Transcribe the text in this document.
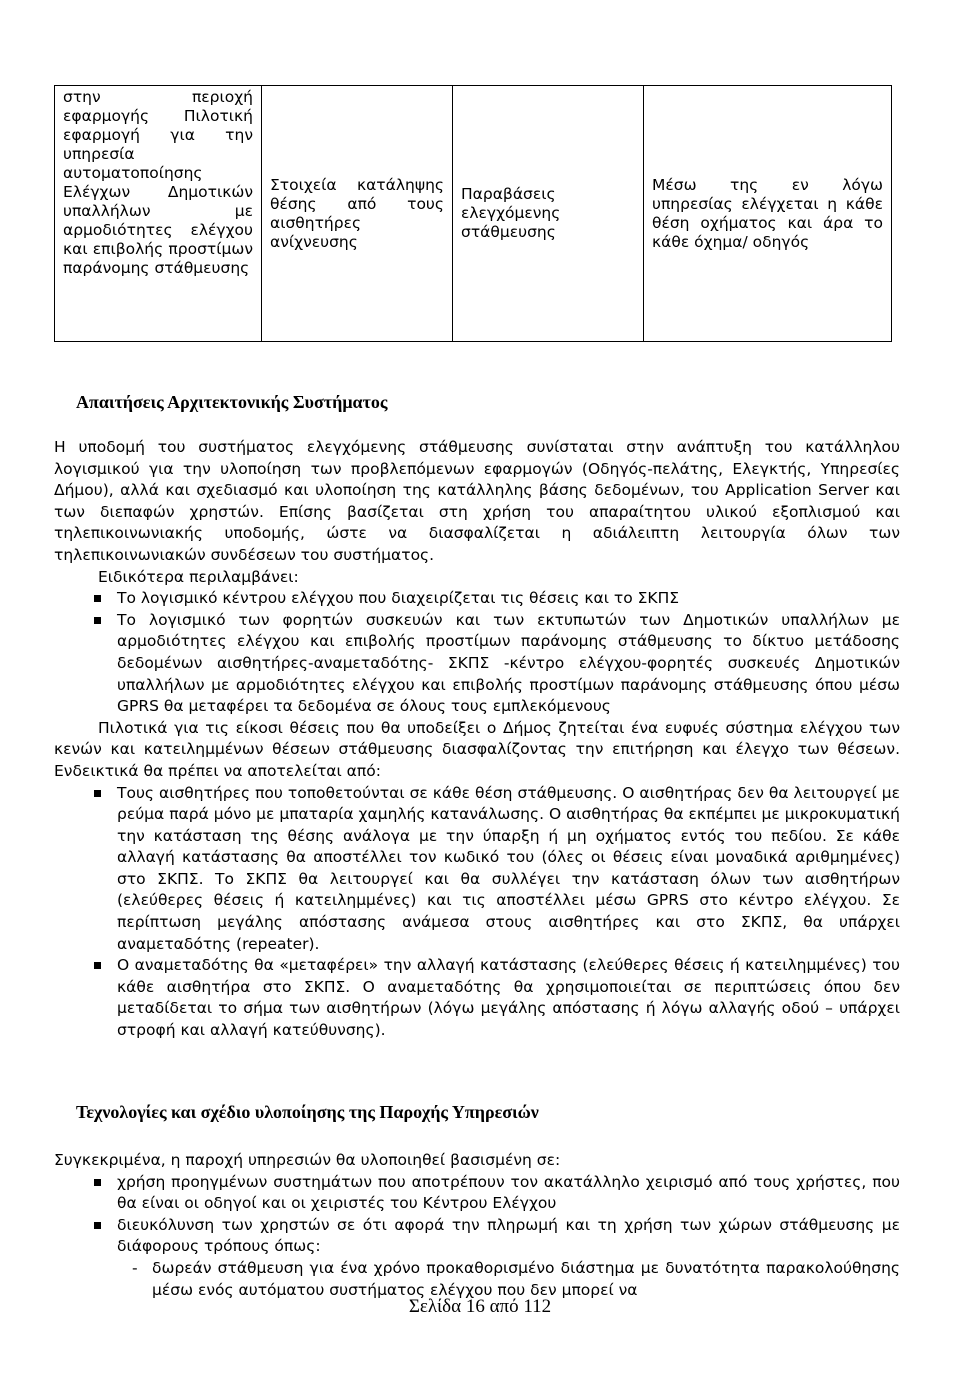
στην περιοχή εφαρμογής Πιλοτική εφαρμογή για την υπηρεσία αυτοματοποίησης Ελέγχων Δημοτικών υπαλλήλων με αρμοδιότητες ελέγχου και επιβολής προστίμων παράνομης στάθμευσης	Στοιχεία κατάληψης θέσης από τους αισθητήρες ανίχνευσης	Παραβάσεις ελεγχόμενης στάθμευσης	Μέσω της εν λόγω υπηρεσίας ελέγχεται η κάθε θέση οχήματος και άρα το κάθε όχημα/ οδηγός
Απαιτήσεις Αρχιτεκτονικής Συστήματος

Η υποδομή του συστήματος ελεγχόμενης στάθμευσης συνίσταται στην ανάπτυξη του κατάλληλου λογισμικού για την υλοποίηση των προβλεπόμενων εφαρμογών (Οδηγός-πελάτης, Ελεγκτής, Υπηρεσίες Δήμου), αλλά και σχεδιασμό και υλοποίηση της κατάλληλης βάσης δεδομένων, του Application Server και των διεπαφών χρηστών. Επίσης βασίζεται στη χρήση του απαραίτητου υλικού εξοπλισμού και τηλεπικοινωνιακής υποδομής, ώστε να διασφαλίζεται η αδιάλειπτη λειτουργία όλων των τηλεπικοινωνιακών συνδέσεων του συστήματος.

Ειδικότερα περιλαμβάνει:

Το λογισμικό κέντρου ελέγχου που διαχειρίζεται τις θέσεις και το ΣΚΠΣ
Το λογισμικό των φορητών συσκευών και των εκτυπωτών των Δημοτικών υπαλλήλων με αρμοδιότητες ελέγχου και επιβολής προστίμων παράνομης στάθμευσης το δίκτυο μετάδοσης δεδομένων αισθητήρες-αναμεταδότης- ΣΚΠΣ -κέντρο ελέγχου-φορητές συσκευές Δημοτικών υπαλλήλων με αρμοδιότητες ελέγχου και επιβολής προστίμων παράνομης στάθμευσης όπου μέσω GPRS θα μεταφέρει τα δεδομένα σε όλους τους εμπλεκόμενους

Πιλοτικά για τις είκοσι θέσεις που θα υποδείξει ο Δήμος ζητείται ένα ευφυές σύστημα ελέγχου των κενών και κατειλημμένων θέσεων στάθμευσης διασφαλίζοντας την επιτήρηση και έλεγχο των θέσεων. Ενδεικτικά θα πρέπει να αποτελείται από:

Τους αισθητήρες που τοποθετούνται σε κάθε θέση στάθμευσης. Ο αισθητήρας δεν θα λειτουργεί με ρεύμα παρά μόνο με μπαταρία χαμηλής κατανάλωσης. Ο αισθητήρας θα εκπέμπει με μικροκυματική την κατάσταση της θέσης ανάλογα με την ύπαρξη ή μη οχήματος εντός του πεδίου. Σε κάθε αλλαγή κατάστασης θα αποστέλλει τον κωδικό του (όλες οι θέσεις είναι μοναδικά αριθμημένες) στο ΣΚΠΣ. Το ΣΚΠΣ θα λειτουργεί και θα συλλέγει την κατάσταση όλων των αισθητήρων (ελεύθερες θέσεις ή κατειλημμένες) και τις αποστέλλει μέσω GPRS στο κέντρο ελέγχου. Σε περίπτωση μεγάλης απόστασης ανάμεσα στους αισθητήρες και στο ΣΚΠΣ, θα υπάρχει αναμεταδότης (repeater).
Ο αναμεταδότης θα «μεταφέρει» την αλλαγή κατάστασης (ελεύθερες θέσεις ή κατειλημμένες) του κάθε αισθητήρα στο ΣΚΠΣ. Ο αναμεταδότης θα χρησιμοποιείται σε περιπτώσεις όπου δεν μεταδίδεται το σήμα των αισθητήρων (λόγω μεγάλης απόστασης ή λόγω αλλαγής οδού – υπάρχει στροφή και αλλαγή κατεύθυνσης).
Τεχνολογίες και σχέδιο υλοποίησης της Παροχής Υπηρεσιών

Συγκεκριμένα, η παροχή υπηρεσιών θα υλοποιηθεί βασισμένη σε:

χρήση προηγμένων συστημάτων που αποτρέπουν τον ακατάλληλο χειρισμό από τους χρήστες, που θα είναι οι οδηγοί και οι χειριστές του Κέντρου Ελέγχου
διευκόλυνση των χρηστών σε ότι αφορά την πληρωμή και τη χρήση των χώρων στάθμευσης με διάφορους τρόπους όπως:
- δωρεάν στάθμευση για ένα χρόνο προκαθορισμένο διάστημα με δυνατότητα παρακολούθησης μέσω ενός αυτόματου συστήματος ελέγχου που δεν μπορεί να
Σελίδα 16 από 112
